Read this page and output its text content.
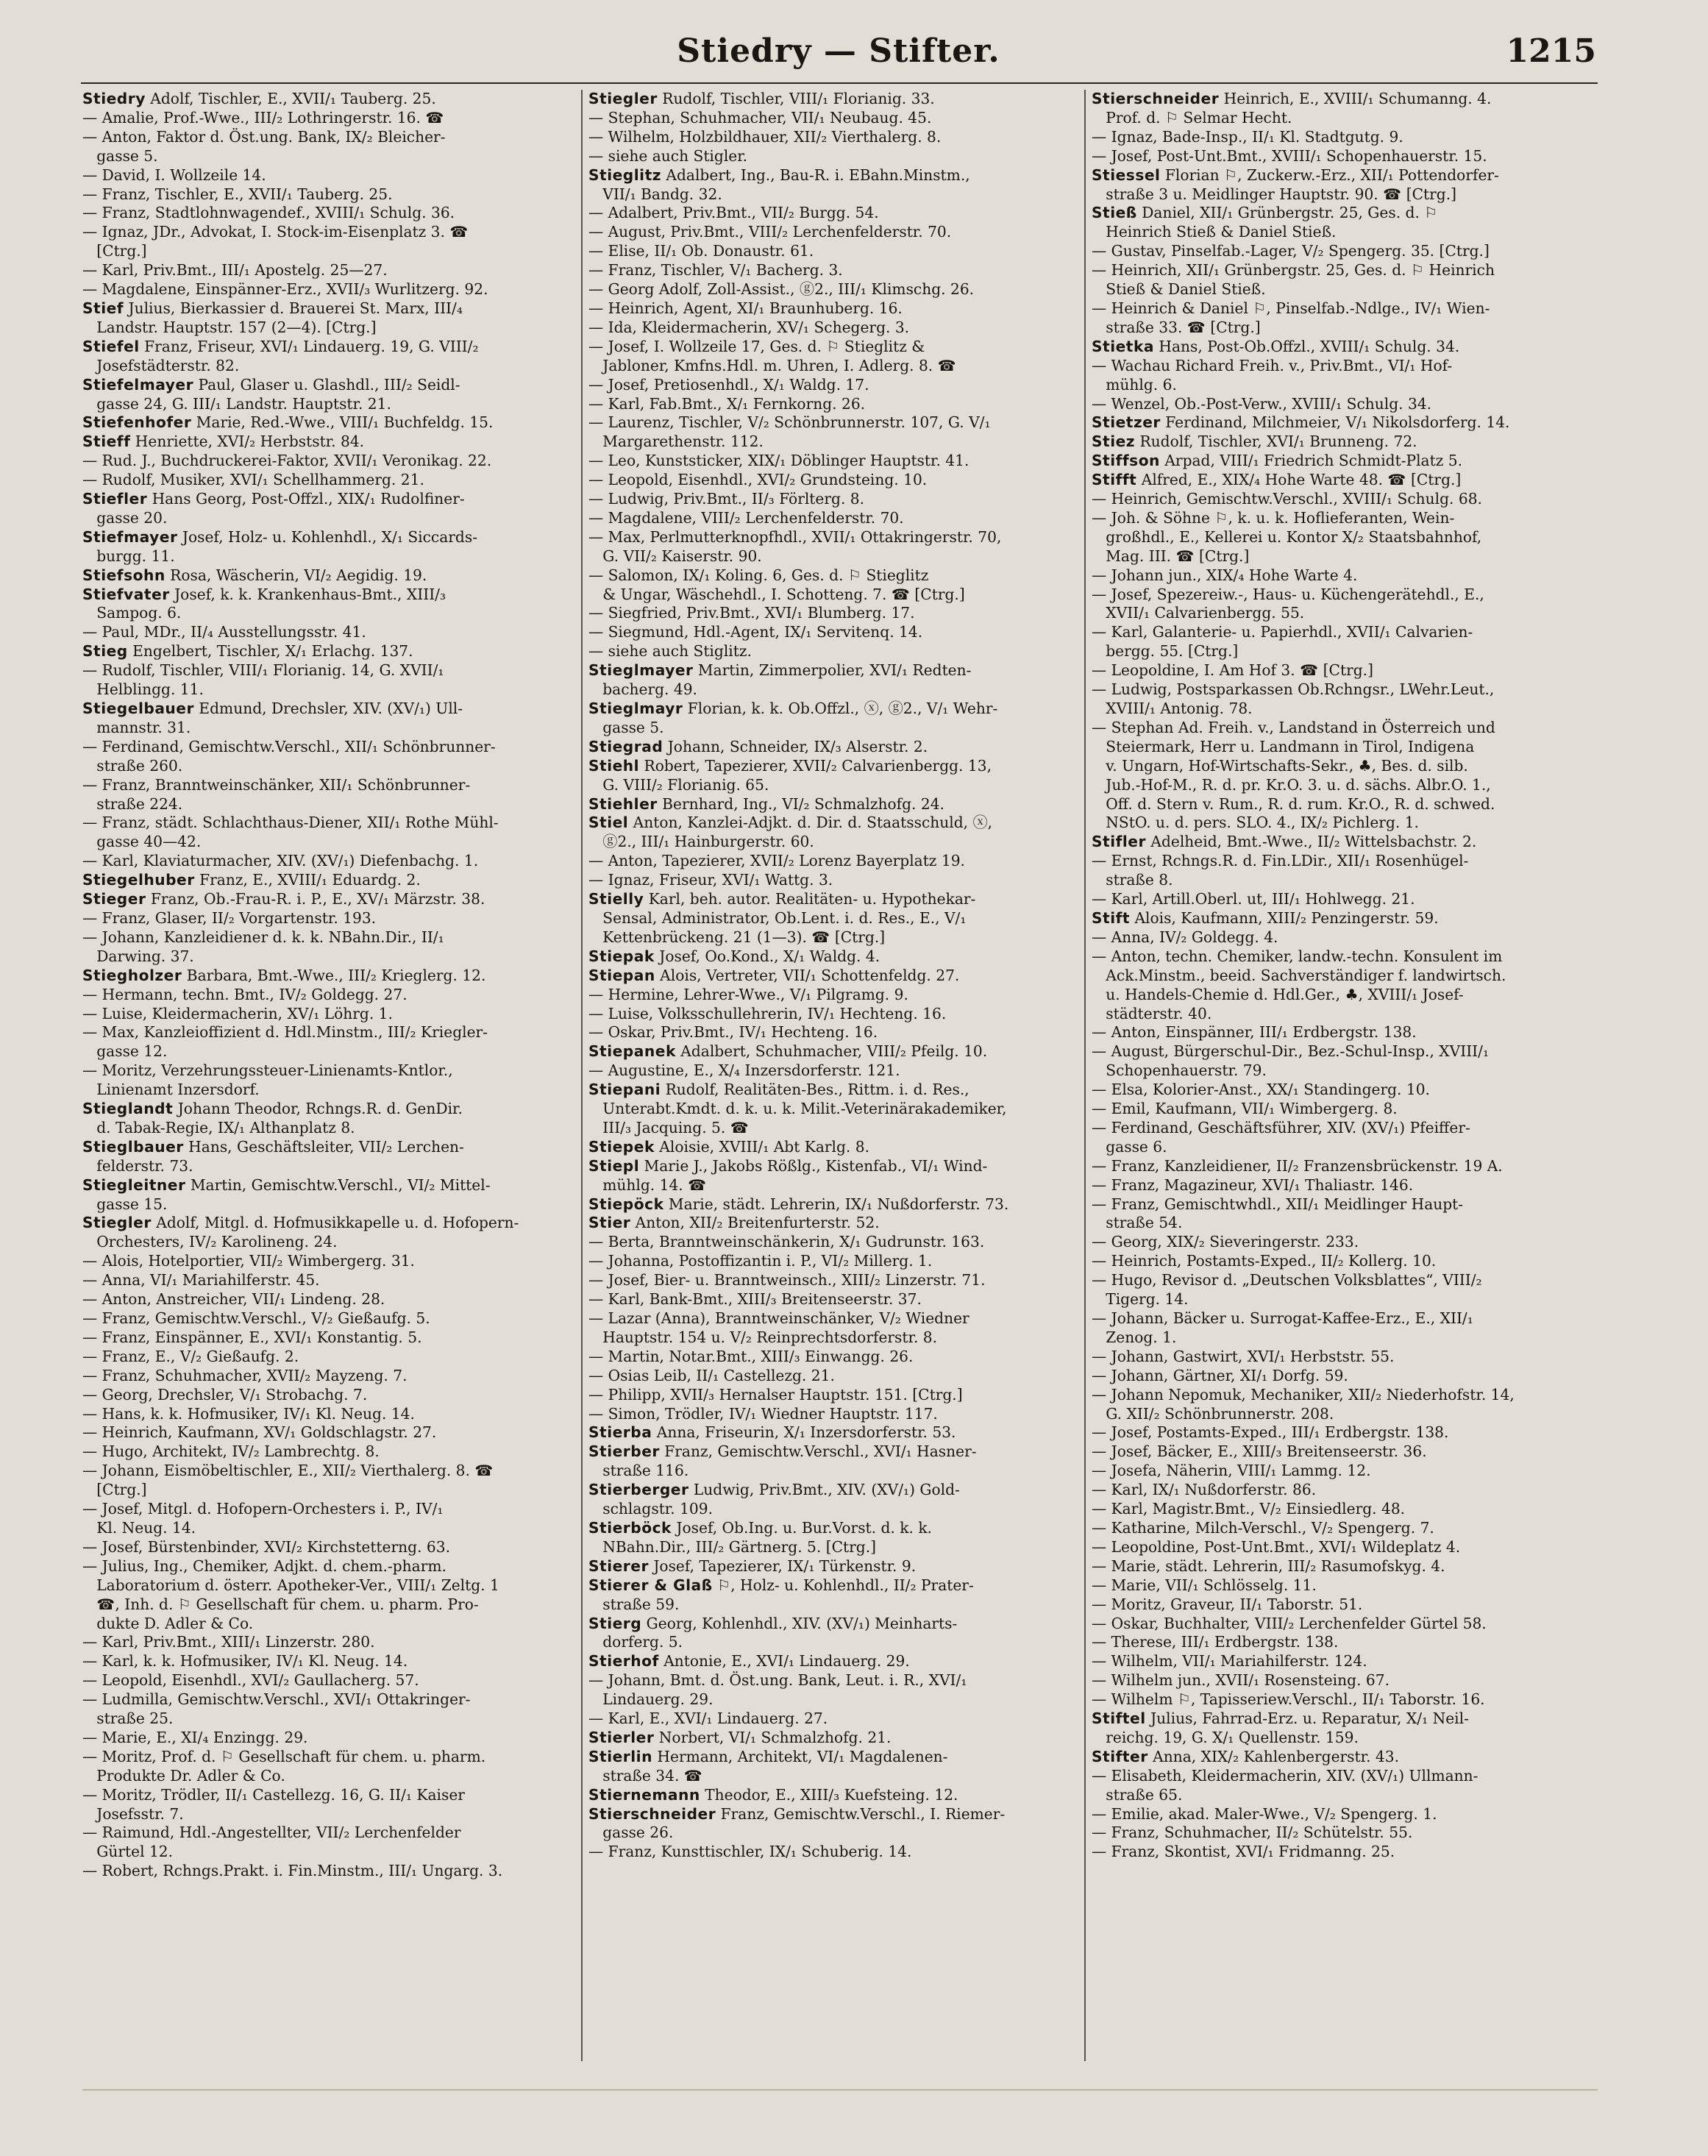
Stiedry — Stifter.	1215
Stiedry Adolf, Tischler, E., XVII/₁ Tauberg. 25.
— Amalie, Prof.-Wwe., III/₂ Lothringerstr. 16. ☎
— Anton, Faktor d. Öst.ung. Bank, IX/₂ Bleicher-
gasse 5.
— David, I. Wollzeile 14.
— Franz, Tischler, E., XVII/₁ Tauberg. 25.
— Franz, Stadtlohnwagendef., XVIII/₁ Schulg. 36.
— Ignaz, JDr., Advokat, I. Stock-im-Eisenplatz 3. ☎
[Ctrg.]
— Karl, Priv.Bmt., III/₁ Apostelg. 25—27.
— Magdalene, Einspänner-Erz., XVII/₃ Wurlitzerg. 92.
Stief Julius, Bierkassier d. Brauerei St. Marx, III/₄
Landstr. Hauptstr. 157 (2—4). [Ctrg.]
Stiefel Franz, Friseur, XVI/₁ Lindauerg. 19, G. VIII/₂
Josefstädterstr. 82.
Stiefelmayer Paul, Glaser u. Glashdl., III/₂ Seidl-
gasse 24, G. III/₁ Landstr. Hauptstr. 21.
Stiefenhofer Marie, Red.-Wwe., VIII/₁ Buchfeldg. 15.
Stieff Henriette, XVI/₂ Herbststr. 84.
— Rud. J., Buchdruckerei-Faktor, XVII/₁ Veronikag. 22.
— Rudolf, Musiker, XVI/₁ Schellhammerg. 21.
Stiefler Hans Georg, Post-Offzl., XIX/₁ Rudolfiner-
gasse 20.
Stiefmayer Josef, Holz- u. Kohlenhdl., X/₁ Siccards-
burgg. 11.
Stiefsohn Rosa, Wäscherin, VI/₂ Aegidig. 19.
Stiefvater Josef, k. k. Krankenhaus-Bmt., XIII/₃
Sampog. 6.
— Paul, MDr., II/₄ Ausstellungsstr. 41.
Stieg Engelbert, Tischler, X/₁ Erlachg. 137.
— Rudolf, Tischler, VIII/₁ Florianig. 14, G. XVII/₁
Helblingg. 11.
Stiegelbauer Edmund, Drechsler, XIV. (XV/₁) Ull-
mannstr. 31.
— Ferdinand, Gemischtw.Verschl., XII/₁ Schönbrunner-
straße 260.
— Franz, Branntweinschänker, XII/₁ Schönbrunner-
straße 224.
— Franz, städt. Schlachthaus-Diener, XII/₁ Rothe Mühl-
gasse 40—42.
— Karl, Klaviaturmacher, XIV. (XV/₁) Diefenbachg. 1.
Stiegelhuber Franz, E., XVIII/₁ Eduardg. 2.
Stieger Franz, Ob.-Frau-R. i. P., E., XV/₁ Märzstr. 38.
— Franz, Glaser, II/₂ Vorgartenstr. 193.
— Johann, Kanzleidiener d. k. k. NBahn.Dir., II/₁
Darwing. 37.
Stiegholzer Barbara, Bmt.-Wwe., III/₂ Krieglerg. 12.
— Hermann, techn. Bmt., IV/₂ Goldegg. 27.
— Luise, Kleidermacherin, XV/₁ Löhrg. 1.
— Max, Kanzleioffizient d. Hdl.Minstm., III/₂ Kriegler-
gasse 12.
— Moritz, Verzehrungssteuer-Linienamts-Kntlor.,
Linienamt Inzersdorf.
Stieglandt Johann Theodor, Rchngs.R. d. GenDir.
d. Tabak-Regie, IX/₁ Althanplatz 8.
Stieglbauer Hans, Geschäftsleiter, VII/₂ Lerchen-
felderstr. 73.
Stiegleitner Martin, Gemischtw.Verschl., VI/₂ Mittel-
gasse 15.
Stiegler Adolf, Mitgl. d. Hofmusikkapelle u. d. Hofopern-
Orchesters, IV/₂ Karolineng. 24.
— Alois, Hotelportier, VII/₂ Wimbergerg. 31.
— Anna, VI/₁ Mariahilferstr. 45.
— Anton, Anstreicher, VII/₁ Lindeng. 28.
— Franz, Gemischtw.Verschl., V/₂ Gießaufg. 5.
— Franz, Einspänner, E., XVI/₁ Konstantig. 5.
— Franz, E., V/₂ Gießaufg. 2.
— Franz, Schuhmacher, XVII/₂ Mayzeng. 7.
— Georg, Drechsler, V/₁ Strobachg. 7.
— Hans, k. k. Hofmusiker, IV/₁ Kl. Neug. 14.
— Heinrich, Kaufmann, XV/₁ Goldschlagstr. 27.
— Hugo, Architekt, IV/₂ Lambrechtg. 8.
— Johann, Eismöbeltischler, E., XII/₂ Vierthalerg. 8. ☎
[Ctrg.]
— Josef, Mitgl. d. Hofopern-Orchesters i. P., IV/₁
Kl. Neug. 14.
— Josef, Bürstenbinder, XVI/₂ Kirchstetterng. 63.
— Julius, Ing., Chemiker, Adjkt. d. chem.-pharm.
Laboratorium d. österr. Apotheker-Ver., VIII/₁ Zeltg. 1
☎, Inh. d. ⚐ Gesellschaft für chem. u. pharm. Pro-
dukte D. Adler & Co.
— Karl, Priv.Bmt., XIII/₁ Linzerstr. 280.
— Karl, k. k. Hofmusiker, IV/₁ Kl. Neug. 14.
— Leopold, Eisenhdl., XVI/₂ Gaullacherg. 57.
— Ludmilla, Gemischtw.Verschl., XVI/₁ Ottakringer-
straße 25.
— Marie, E., XI/₄ Enzingg. 29.
— Moritz, Prof. d. ⚐ Gesellschaft für chem. u. pharm.
Produkte Dr. Adler & Co.
— Moritz, Trödler, II/₁ Castellezg. 16, G. II/₁ Kaiser
Josefsstr. 7.
— Raimund, Hdl.-Angestellter, VII/₂ Lerchenfelder
Gürtel 12.
— Robert, Rchngs.Prakt. i. Fin.Minstm., III/₁ Ungarg. 3.
Stiegler Rudolf, Tischler, VIII/₁ Florianig. 33.
— Stephan, Schuhmacher, VII/₁ Neubaug. 45.
— Wilhelm, Holzbildhauer, XII/₂ Vierthalerg. 8.
— siehe auch Stigler.
Stieglitz Adalbert, Ing., Bau-R. i. EBahn.Minstm.,
VII/₁ Bandg. 32.
— Adalbert, Priv.Bmt., VII/₂ Burgg. 54.
— August, Priv.Bmt., VIII/₂ Lerchenfelderstr. 70.
— Elise, II/₁ Ob. Donaustr. 61.
— Franz, Tischler, V/₁ Bacherg. 3.
— Georg Adolf, Zoll-Assist., ⓖ2., III/₁ Klimschg. 26.
— Heinrich, Agent, XI/₁ Braunhuberg. 16.
— Ida, Kleidermacherin, XV/₁ Schegerg. 3.
— Josef, I. Wollzeile 17, Ges. d. ⚐ Stieglitz &
Jabloner, Kmfns.Hdl. m. Uhren, I. Adlerg. 8. ☎
— Josef, Pretiosenhdl., X/₁ Waldg. 17.
— Karl, Fab.Bmt., X/₁ Fernkorng. 26.
— Laurenz, Tischler, V/₂ Schönbrunnerstr. 107, G. V/₁
Margarethenstr. 112.
— Leo, Kunststicker, XIX/₁ Döblinger Hauptstr. 41.
— Leopold, Eisenhdl., XVI/₂ Grundsteing. 10.
— Ludwig, Priv.Bmt., II/₃ Förlterg. 8.
— Magdalene, VIII/₂ Lerchenfelderstr. 70.
— Max, Perlmutterknopfhdl., XVII/₁ Ottakringerstr. 70,
G. VII/₂ Kaiserstr. 90.
— Salomon, IX/₁ Koling. 6, Ges. d. ⚐ Stieglitz
& Ungar, Wäschehdl., I. Schotteng. 7. ☎ [Ctrg.]
— Siegfried, Priv.Bmt., XVI/₁ Blumberg. 17.
— Siegmund, Hdl.-Agent, IX/₁ Servitenq. 14.
— siehe auch Stiglitz.
Stieglmayer Martin, Zimmerpolier, XVI/₁ Redten-
bacherg. 49.
Stieglmayr Florian, k. k. Ob.Offzl., ⓧ, ⓖ2., V/₁ Wehr-
gasse 5.
Stiegrad Johann, Schneider, IX/₃ Alserstr. 2.
Stiehl Robert, Tapezierer, XVII/₂ Calvarienbergg. 13,
G. VIII/₂ Florianig. 65.
Stiehler Bernhard, Ing., VI/₂ Schmalzhofg. 24.
Stiel Anton, Kanzlei-Adjkt. d. Dir. d. Staatsschuld, ⓧ,
ⓖ2., III/₁ Hainburgerstr. 60.
— Anton, Tapezierer, XVII/₂ Lorenz Bayerplatz 19.
— Ignaz, Friseur, XVI/₁ Wattg. 3.
Stielly Karl, beh. autor. Realitäten- u. Hypothekar-
Sensal, Administrator, Ob.Lent. i. d. Res., E., V/₁
Kettenbrückeng. 21 (1—3). ☎ [Ctrg.]
Stiepak Josef, Oo.Kond., X/₁ Waldg. 4.
Stiepan Alois, Vertreter, VII/₁ Schottenfeldg. 27.
— Hermine, Lehrer-Wwe., V/₁ Pilgramg. 9.
— Luise, Volksschullehrerin, IV/₁ Hechteng. 16.
— Oskar, Priv.Bmt., IV/₁ Hechteng. 16.
Stiepanek Adalbert, Schuhmacher, VIII/₂ Pfeilg. 10.
— Augustine, E., X/₄ Inzersdorferstr. 121.
Stiepani Rudolf, Realitäten-Bes., Rittm. i. d. Res.,
Unterabt.Kmdt. d. k. u. k. Milit.-Veterinärakademiker,
III/₃ Jacquing. 5. ☎
Stiepek Aloisie, XVIII/₁ Abt Karlg. 8.
Stiepl Marie J., Jakobs Rößlg., Kistenfab., VI/₁ Wind-
mühlg. 14. ☎
Stiepöck Marie, städt. Lehrerin, IX/₁ Nußdorferstr. 73.
Stier Anton, XII/₂ Breitenfurterstr. 52.
— Berta, Branntweinschänkerin, X/₁ Gudrunstr. 163.
— Johanna, Postoffizantin i. P., VI/₂ Millerg. 1.
— Josef, Bier- u. Branntweinsch., XIII/₂ Linzerstr. 71.
— Karl, Bank-Bmt., XIII/₃ Breitenseerstr. 37.
— Lazar (Anna), Branntweinschänker, V/₂ Wiedner
Hauptstr. 154 u. V/₂ Reinprechtsdorferstr. 8.
— Martin, Notar.Bmt., XIII/₃ Einwangg. 26.
— Osias Leib, II/₁ Castellezg. 21.
— Philipp, XVII/₃ Hernalser Hauptstr. 151. [Ctrg.]
— Simon, Trödler, IV/₁ Wiedner Hauptstr. 117.
Stierba Anna, Friseurin, X/₁ Inzersdorferstr. 53.
Stierber Franz, Gemischtw.Verschl., XVI/₁ Hasner-
straße 116.
Stierberger Ludwig, Priv.Bmt., XIV. (XV/₁) Gold-
schlagstr. 109.
Stierböck Josef, Ob.Ing. u. Bur.Vorst. d. k. k.
NBahn.Dir., III/₂ Gärtnerg. 5. [Ctrg.]
Stierer Josef, Tapezierer, IX/₁ Türkenstr. 9.
Stierer & Glaß ⚐, Holz- u. Kohlenhdl., II/₂ Prater-
straße 59.
Stierg Georg, Kohlenhdl., XIV. (XV/₁) Meinharts-
dorferg. 5.
Stierhof Antonie, E., XVI/₁ Lindauerg. 29.
— Johann, Bmt. d. Öst.ung. Bank, Leut. i. R., XVI/₁
Lindauerg. 29.
— Karl, E., XVI/₁ Lindauerg. 27.
Stierler Norbert, VI/₁ Schmalzhofg. 21.
Stierlin Hermann, Architekt, VI/₁ Magdalenen-
straße 34. ☎
Stiernemann Theodor, E., XIII/₃ Kuefsteing. 12.
Stierschneider Franz, Gemischtw.Verschl., I. Riemer-
gasse 26.
— Franz, Kunsttischler, IX/₁ Schuberig. 14.
Stierschneider Heinrich, E., XVIII/₁ Schumanng. 4.
Prof. d. ⚐ Selmar Hecht.
— Ignaz, Bade-Insp., II/₁ Kl. Stadtgutg. 9.
— Josef, Post-Unt.Bmt., XVIII/₁ Schopenhauerstr. 15.
Stiessel Florian ⚐, Zuckerw.-Erz., XII/₁ Pottendorfer-
straße 3 u. Meidlinger Hauptstr. 90. ☎ [Ctrg.]
Stieß Daniel, XII/₁ Grünbergstr. 25, Ges. d. ⚐
Heinrich Stieß & Daniel Stieß.
— Gustav, Pinselfab.-Lager, V/₂ Spengerg. 35. [Ctrg.]
— Heinrich, XII/₁ Grünbergstr. 25, Ges. d. ⚐ Heinrich
Stieß & Daniel Stieß.
— Heinrich & Daniel ⚐, Pinselfab.-Ndlge., IV/₁ Wien-
straße 33. ☎ [Ctrg.]
Stietka Hans, Post-Ob.Offzl., XVIII/₁ Schulg. 34.
— Wachau Richard Freih. v., Priv.Bmt., VI/₁ Hof-
mühlg. 6.
— Wenzel, Ob.-Post-Verw., XVIII/₁ Schulg. 34.
Stietzer Ferdinand, Milchmeier, V/₁ Nikolsdorferg. 14.
Stiez Rudolf, Tischler, XVI/₁ Brunneng. 72.
Stiffson Arpad, VIII/₁ Friedrich Schmidt-Platz 5.
Stifft Alfred, E., XIX/₄ Hohe Warte 48. ☎ [Ctrg.]
— Heinrich, Gemischtw.Verschl., XVIII/₁ Schulg. 68.
— Joh. & Söhne ⚐, k. u. k. Hoflieferanten, Wein-
großhdl., E., Kellerei u. Kontor X/₂ Staatsbahnhof,
Mag. III. ☎ [Ctrg.]
— Johann jun., XIX/₄ Hohe Warte 4.
— Josef, Spezereiw.-, Haus- u. Küchengerätehdl., E.,
XVII/₁ Calvarienbergg. 55.
— Karl, Galanterie- u. Papierhdl., XVII/₁ Calvarien-
bergg. 55. [Ctrg.]
— Leopoldine, I. Am Hof 3. ☎ [Ctrg.]
— Ludwig, Postsparkassen Ob.Rchngsr., LWehr.Leut.,
XVIII/₁ Antonig. 78.
— Stephan Ad. Freih. v., Landstand in Österreich und
Steiermark, Herr u. Landmann in Tirol, Indigena
v. Ungarn, Hof-Wirtschafts-Sekr., ♣, Bes. d. silb.
Jub.-Hof-M., R. d. pr. Kr.O. 3. u. d. sächs. Albr.O. 1.,
Off. d. Stern v. Rum., R. d. rum. Kr.O., R. d. schwed.
NStO. u. d. pers. SLO. 4., IX/₂ Pichlerg. 1.
Stifler Adelheid, Bmt.-Wwe., II/₂ Wittelsbachstr. 2.
— Ernst, Rchngs.R. d. Fin.LDir., XII/₁ Rosenhügel-
straße 8.
— Karl, Artill.Oberl. ut, III/₁ Hohlwegg. 21.
Stift Alois, Kaufmann, XIII/₂ Penzingerstr. 59.
— Anna, IV/₂ Goldegg. 4.
— Anton, techn. Chemiker, landw.-techn. Konsulent im
Ack.Minstm., beeid. Sachverständiger f. landwirtsch.
u. Handels-Chemie d. Hdl.Ger., ♣, XVIII/₁ Josef-
städterstr. 40.
— Anton, Einspänner, III/₁ Erdbergstr. 138.
— August, Bürgerschul-Dir., Bez.-Schul-Insp., XVIII/₁
Schopenhauerstr. 79.
— Elsa, Kolorier-Anst., XX/₁ Standingerg. 10.
— Emil, Kaufmann, VII/₁ Wimbergerg. 8.
— Ferdinand, Geschäftsführer, XIV. (XV/₁) Pfeiffer-
gasse 6.
— Franz, Kanzleidiener, II/₂ Franzensbrückenstr. 19 A.
— Franz, Magazineur, XVI/₁ Thaliastr. 146.
— Franz, Gemischtwhdl., XII/₁ Meidlinger Haupt-
straße 54.
— Georg, XIX/₂ Sieveringerstr. 233.
— Heinrich, Postamts-Exped., II/₂ Kollerg. 10.
— Hugo, Revisor d. „Deutschen Volksblattes“, VIII/₂
Tigerg. 14.
— Johann, Bäcker u. Surrogat-Kaffee-Erz., E., XII/₁
Zenog. 1.
— Johann, Gastwirt, XVI/₁ Herbststr. 55.
— Johann, Gärtner, XI/₁ Dorfg. 59.
— Johann Nepomuk, Mechaniker, XII/₂ Niederhofstr. 14,
G. XII/₂ Schönbrunnerstr. 208.
— Josef, Postamts-Exped., III/₁ Erdbergstr. 138.
— Josef, Bäcker, E., XIII/₃ Breitenseerstr. 36.
— Josefa, Näherin, VIII/₁ Lammg. 12.
— Karl, IX/₁ Nußdorferstr. 86.
— Karl, Magistr.Bmt., V/₂ Einsiedlerg. 48.
— Katharine, Milch-Verschl., V/₂ Spengerg. 7.
— Leopoldine, Post-Unt.Bmt., XVI/₁ Wildeplatz 4.
— Marie, städt. Lehrerin, III/₂ Rasumofskyg. 4.
— Marie, VII/₁ Schlösselg. 11.
— Moritz, Graveur, II/₁ Taborstr. 51.
— Oskar, Buchhalter, VIII/₂ Lerchenfelder Gürtel 58.
— Therese, III/₁ Erdbergstr. 138.
— Wilhelm, VII/₁ Mariahilferstr. 124.
— Wilhelm jun., XVII/₁ Rosensteing. 67.
— Wilhelm ⚐, Tapisseriew.Verschl., II/₁ Taborstr. 16.
Stiftel Julius, Fahrrad-Erz. u. Reparatur, X/₁ Neil-
reichg. 19, G. X/₁ Quellenstr. 159.
Stifter Anna, XIX/₂ Kahlenbergerstr. 43.
— Elisabeth, Kleidermacherin, XIV. (XV/₁) Ullmann-
straße 65.
— Emilie, akad. Maler-Wwe., V/₂ Spengerg. 1.
— Franz, Schuhmacher, II/₂ Schütelstr. 55.
— Franz, Skontist, XVI/₁ Fridmanng. 25.
